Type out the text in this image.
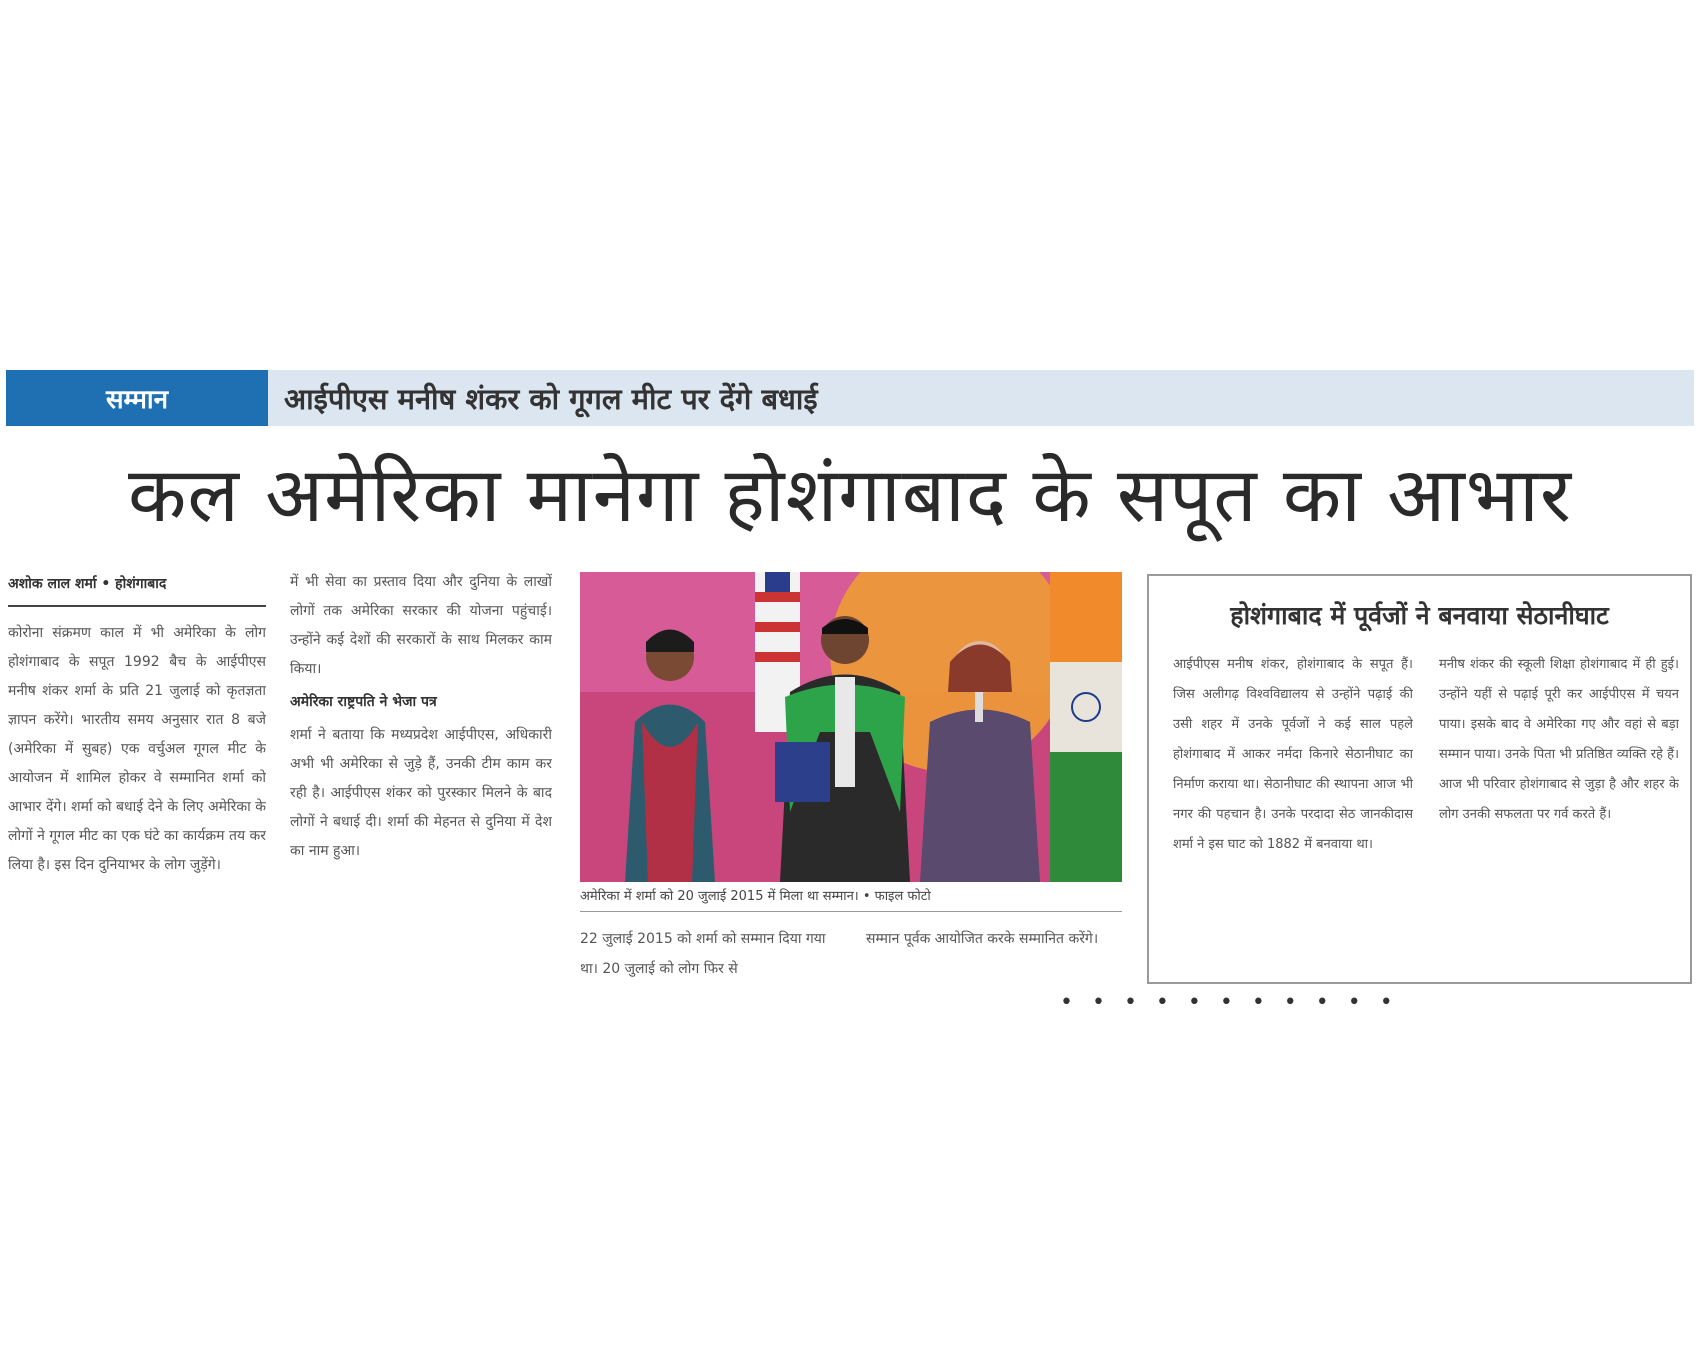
सम्मान	आईपीएस मनीष शंकर को गूगल मीट पर देंगे बधाई
कल अमेरिका मानेगा होशंगाबाद के सपूत का आभार
अशोक लाल शर्मा • होशंगाबाद
कोरोना संक्रमण काल में भी अमेरिका के लोग होशंगाबाद के सपूत 1992 बैच के आईपीएस मनीष शंकर शर्मा के प्रति 21 जुलाई को कृतज्ञता ज्ञापन करेंगे। भारतीय समय अनुसार रात 8 बजे (अमेरिका में सुबह) एक वर्चुअल गूगल मीट के आयोजन में शामिल होकर वे सम्मानित शर्मा को आभार देंगे। शर्मा को बधाई देने के लिए अमेरिका के लोगों ने गूगल मीट का एक घंटे का कार्यक्रम तय कर लिया है। इस दिन दुनियाभर के लोग जुड़ेंगे।
में भी सेवा का प्रस्ताव दिया और दुनिया के लाखों लोगों तक अमेरिका सरकार की योजना पहुंचाई। उन्होंने कई देशों की सरकारों के साथ मिलकर काम किया।
अमेरिका राष्ट्रपति ने भेजा पत्र
शर्मा ने बताया कि मध्यप्रदेश आईपीएस, अधिकारी अभी भी अमेरिका से जुड़े हैं, उनकी टीम काम कर रही है। आईपीएस शंकर को पुरस्कार मिलने के बाद लोगों ने बधाई दी। शर्मा की मेहनत से दुनिया में देश का नाम हुआ।
अमेरिका में शर्मा को 20 जुलाई 2015 में मिला था सम्मान। • फाइल फोटो
22 जुलाई 2015 को शर्मा को सम्मान दिया गया था। 20 जुलाई को लोग फिर से
सम्मान पूर्वक आयोजित करके सम्मानित करेंगे।
होशंगाबाद में पूर्वजों ने बनवाया सेठानीघाट
आईपीएस मनीष शंकर, होशंगाबाद के सपूत हैं। जिस अलीगढ़ विश्वविद्यालय से उन्होंने पढ़ाई की उसी शहर में उनके पूर्वजों ने कई साल पहले होशंगाबाद में आकर नर्मदा किनारे सेठानीघाट का निर्माण कराया था। सेठानीघाट की स्थापना आज भी नगर की पहचान है। उनके परदादा सेठ जानकीदास शर्मा ने इस घाट को 1882 में बनवाया था।
मनीष शंकर की स्कूली शिक्षा होशंगाबाद में ही हुई। उन्होंने यहीं से पढ़ाई पूरी कर आईपीएस में चयन पाया। इसके बाद वे अमेरिका गए और वहां से बड़ा सम्मान पाया। उनके पिता भी प्रतिष्ठित व्यक्ति रहे हैं। आज भी परिवार होशंगाबाद से जुड़ा है और शहर के लोग उनकी सफलता पर गर्व करते हैं।
• • • • • • • • • • •
